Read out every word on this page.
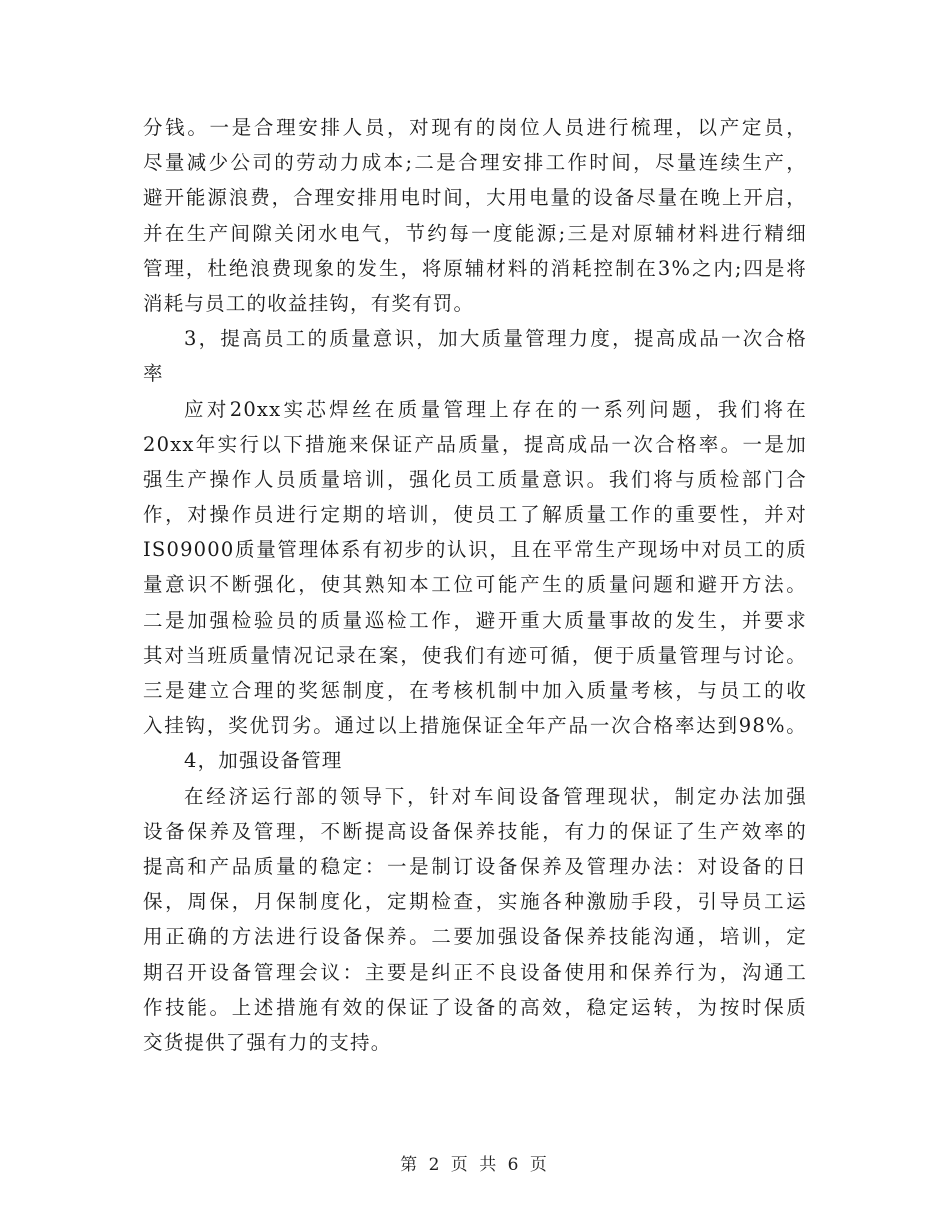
分钱。一是合理安排人员，对现有的岗位人员进行梳理，以产定员，
尽量减少公司的劳动力成本;二是合理安排工作时间，尽量连续生产，
避开能源浪费，合理安排用电时间，大用电量的设备尽量在晚上开启，
并在生产间隙关闭水电气，节约每一度能源;三是对原辅材料进行精细
管理，杜绝浪费现象的发生，将原辅材料的消耗控制在3%之内;四是将
消耗与员工的收益挂钩，有奖有罚。
3，提高员工的质量意识，加大质量管理力度，提高成品一次合格
率
应对20xx实芯焊丝在质量管理上存在的一系列问题，我们将在
20xx年实行以下措施来保证产品质量，提高成品一次合格率。一是加
强生产操作人员质量培训，强化员工质量意识。我们将与质检部门合
作，对操作员进行定期的培训，使员工了解质量工作的重要性，并对
IS09000质量管理体系有初步的认识，且在平常生产现场中对员工的质
量意识不断强化，使其熟知本工位可能产生的质量问题和避开方法。
二是加强检验员的质量巡检工作，避开重大质量事故的发生，并要求
其对当班质量情况记录在案，使我们有迹可循，便于质量管理与讨论。
三是建立合理的奖惩制度，在考核机制中加入质量考核，与员工的收
入挂钩，奖优罚劣。通过以上措施保证全年产品一次合格率达到98%。
4，加强设备管理
在经济运行部的领导下，针对车间设备管理现状，制定办法加强
设备保养及管理，不断提高设备保养技能，有力的保证了生产效率的
提高和产品质量的稳定：一是制订设备保养及管理办法：对设备的日
保，周保，月保制度化，定期检查，实施各种激励手段，引导员工运
用正确的方法进行设备保养。二要加强设备保养技能沟通，培训，定
期召开设备管理会议：主要是纠正不良设备使用和保养行为，沟通工
作技能。上述措施有效的保证了设备的高效，稳定运转，为按时保质
交货提供了强有力的支持。
第 2 页 共 6 页
